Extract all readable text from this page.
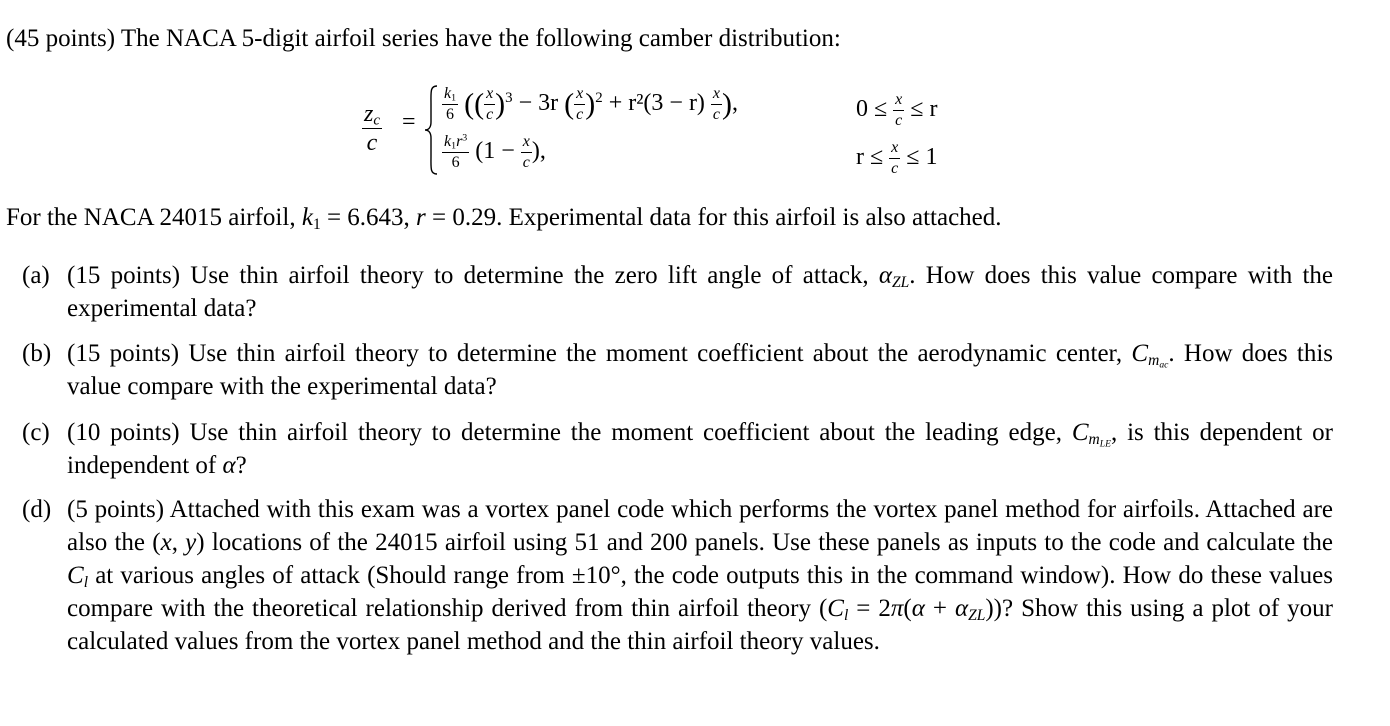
(45 points) The NACA 5-digit airfoil series have the following camber distribution:
$\frac{z_c}{c} = \frac{k_1}{6}$ (( $\frac{x}{c} )^3 - 3r$ ( $\frac{x}{c} )^2 + r^2(3 - r) \frac{x}{c}$ ),
$\frac{k_1r^3}{6} (1 - \frac{x}{c}$ ),
$0 \le \frac{x}{c} \le r$
$r \le \frac{x}{c} \le 1$
For the NACA 24015 airfoil, $k_1 = 6.643$, r = 0.29. Experimental data for this airfoil is also attached.
(a) (15 points) Use thin airfoil theory to determine the zero lift angle of attack, $\alpha_{ZL}$. How does this value compare with the experimental data?
(b) (15 points) Use thin airfoil theory to determine the moment coefficient about the aerodynamic center, $C_{m_{ac}}$. How does this value compare with the experimental data?
(c) (10 points) Use thin airfoil theory to determine the moment coefficient about the leading edge, $C_{m_{LE}}$, is this dependent or independent of α?
(d) (5 points) Attached with this exam was a vortex panel code which performs the vortex panel method for airfoils. Attached are also the (x, y) locations of the 24015 airfoil using 51 and 200 panels. Use these panels as inputs to the code and calculate the $C_l$ at various angles of attack (Should range from ±10°, the code outputs this in the command window). How do these values compare with the theoretical relationship derived from thin airfoil theory $(C_l = 2\pi(\alpha + \alpha_{ZL}))$? Show this using a plot of your calculated values from the vortex panel method and the thin airfoil theory values.
